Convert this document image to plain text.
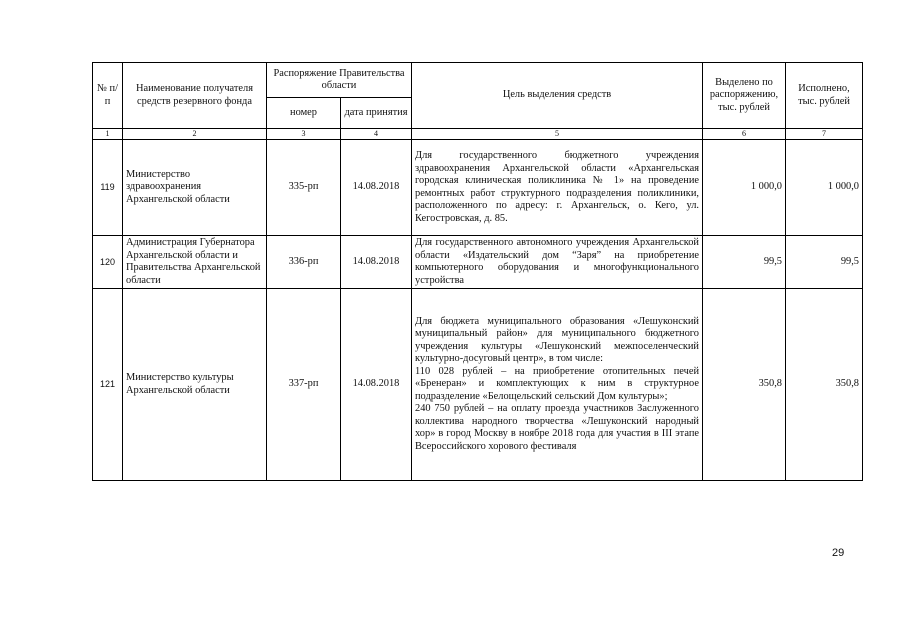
№ п/п	Наименование получателя средств резервного фонда	Распоряжение Правительства области		Цель выделения средств	Выделено по распоряжению, тыс. рублей	Исполнено, тыс. рублей
		номер	дата принятия			
1	2	3	4	5	6	7
119	Министерство здравоохранения Архангельской области	335-рп	14.08.2018	Для государственного бюджетного учреждения здравоохранения Архангельской области «Архангельская городская клиническая поликлиника № 1» на проведение ремонтных работ структурного подразделения поликлиники, расположенного по адресу: г. Архангельск, о. Кего, ул. Кегостровская, д. 85.	1 000,0	1 000,0
120	Администрация Губернатора Архангельской области и Правительства Архангельской области	336-рп	14.08.2018	Для государственного автономного учреждения Архангельской области «Издательский дом “Заря” на приобретение компьютерного оборудования и многофункционального устройства	99,5	99,5
121	Министерство культуры Архангельской области	337-рп	14.08.2018	Для бюджета муниципального образования «Лешуконский муниципальный район» для муниципального бюджетного учреждения культуры «Лешуконский межпоселенческий культурно-досуговый центр», в том числе:
110 028 рублей – на приобретение отопительных печей «Бренеран» и комплектующих к ним в структурное подразделение «Белощельский сельский Дом культуры»;
240 750 рублей – на оплату проезда участников Заслуженного коллектива народного творчества «Лешуконский народный хор» в город Москву в ноябре 2018 года для участия в III этапе Всероссийского хорового фестиваля	350,8	350,8
29
